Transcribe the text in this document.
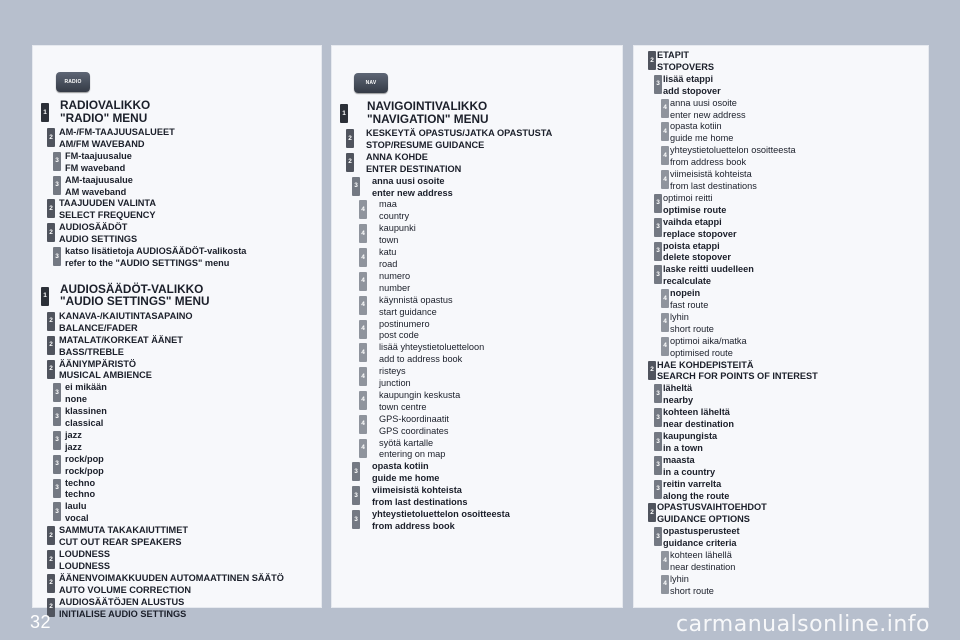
RADIO
1
RADIOVALIKKO
"RADIO" MENU
2
AM-/FM-TAAJUUSALUEET
AM/FM WAVEBAND
3
FM-taajuusalue
FM waveband
3
AM-taajuusalue
AM waveband
2
TAAJUUDEN VALINTA
SELECT FREQUENCY
2
AUDIOSÄÄDÖT
AUDIO SETTINGS
3
katso lisätietoja AUDIOSÄÄDÖT-valikosta
refer to the "AUDIO SETTINGS" menu
1
AUDIOSÄÄDÖT-VALIKKO
"AUDIO SETTINGS" MENU
2
KANAVA-/KAIUTINTASAPAINO
BALANCE/FADER
2
MATALAT/KORKEAT ÄÄNET
BASS/TREBLE
2
ÄÄNIYMPÄRISTÖ
MUSICAL AMBIENCE
3
ei mikään
none
3
klassinen
classical
3
jazz
jazz
3
rock/pop
rock/pop
3
techno
techno
3
laulu
vocal
2
SAMMUTA TAKAKAIUTTIMET
CUT OUT REAR SPEAKERS
2
LOUDNESS
LOUDNESS
2
ÄÄNENVOIMAKKUUDEN AUTOMAATTINEN SÄÄTÖ
AUTO VOLUME CORRECTION
2
AUDIOSÄÄTÖJEN ALUSTUS
INITIALISE AUDIO SETTINGS
NAV
1
NAVIGOINTIVALIKKO
"NAVIGATION" MENU
2
KESKEYTÄ OPASTUS/JATKA OPASTUSTA
STOP/RESUME GUIDANCE
2
ANNA KOHDE
ENTER DESTINATION
3
anna uusi osoite
enter new address
4
maa
country
4
kaupunki
town
4
katu
road
4
numero
number
4
käynnistä opastus
start guidance
4
postinumero
post code
4
lisää yhteystietoluetteloon
add to address book
4
risteys
junction
4
kaupungin keskusta
town centre
4
GPS-koordinaatit
GPS coordinates
4
syötä kartalle
entering on map
3
opasta kotiin
guide me home
3
viimeisistä kohteista
from last destinations
3
yhteystietoluettelon osoitteesta
from address book
2
ETAPIT
STOPOVERS
3
lisää etappi
add stopover
4
anna uusi osoite
enter new address
4
opasta kotiin
guide me home
4
yhteystietoluettelon osoitteesta
from address book
4
viimeisistä kohteista
from last destinations
3
optimoi reitti
optimise route
3
vaihda etappi
replace stopover
3
poista etappi
delete stopover
3
laske reitti uudelleen
recalculate
4
nopein
fast route
4
lyhin
short route
4
optimoi aika/matka
optimised route
2
HAE KOHDEPISTEITÄ
SEARCH FOR POINTS OF INTEREST
3
läheltä
nearby
3
kohteen läheltä
near destination
3
kaupungista
in a town
3
maasta
in a country
3
reitin varrelta
along the route
2
OPASTUSVAIHTOEHDOT
GUIDANCE OPTIONS
3
opastusperusteet
guidance criteria
4
kohteen lähellä
near destination
4
lyhin
short route
32	carmanualsonline.info
